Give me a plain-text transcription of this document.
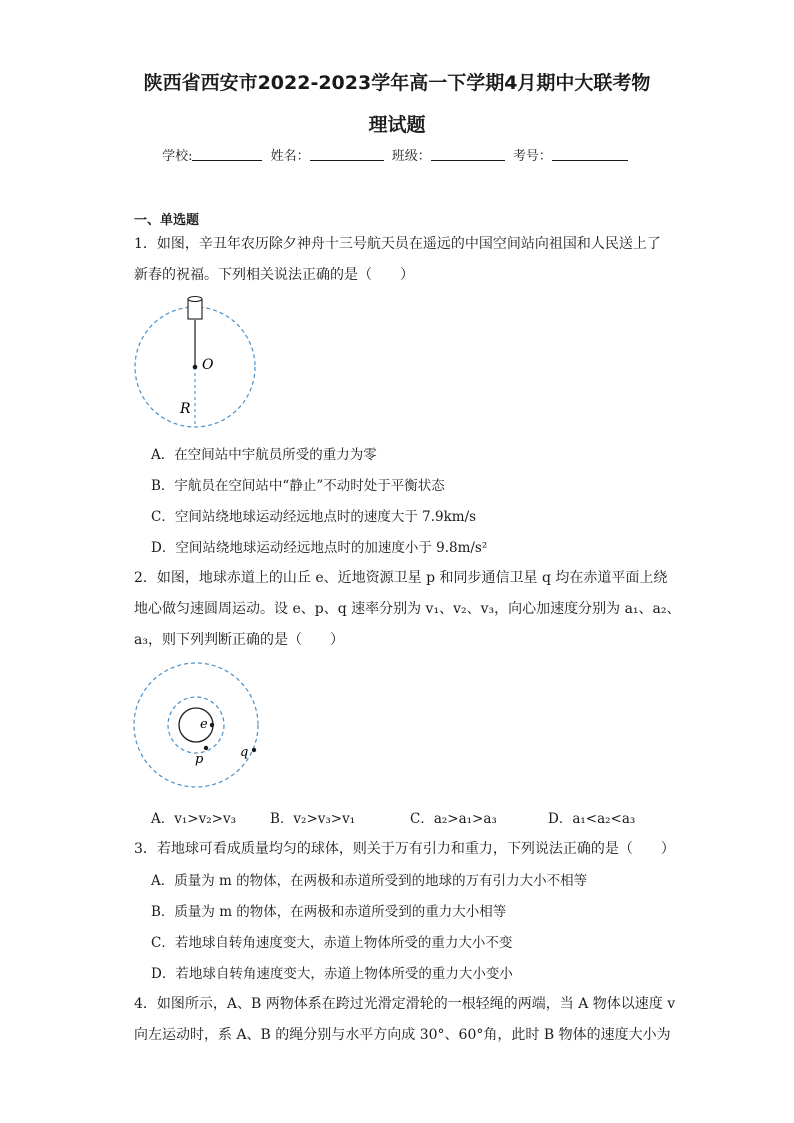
陕西省西安市2022-2023学年高一下学期4月期中大联考物
理试题
学校:	姓名：	班级：	考号：
一、单选题
1．如图，辛丑年农历除夕神舟十三号航天员在遥远的中国空间站向祖国和人民送上了
新春的祝福。下列相关说法正确的是（　　）
O
R
A．在空间站中宇航员所受的重力为零
B．宇航员在空间站中“静止”不动时处于平衡状态
C．空间站绕地球运动经远地点时的速度大于 7.9km/s
D．空间站绕地球运动经远地点时的加速度小于 9.8m/s²
2．如图，地球赤道上的山丘 e、近地资源卫星 p 和同步通信卫星 q 均在赤道平面上绕
地心做匀速圆周运动。设 e、p、q 速率分别为 v₁、v₂、v₃，向心加速度分别为 a₁、a₂、
a₃，则下列判断正确的是（　　）
e
p	q
A．v₁>v₂>v₃	B．v₂>v₃>v₁	C．a₂>a₁>a₃	D．a₁<a₂<a₃
3．若地球可看成质量均匀的球体，则关于万有引力和重力，下列说法正确的是（　　）
A．质量为 m 的物体，在两极和赤道所受到的地球的万有引力大小不相等
B．质量为 m 的物体，在两极和赤道所受到的重力大小相等
C．若地球自转角速度变大，赤道上物体所受的重力大小不变
D．若地球自转角速度变大，赤道上物体所受的重力大小变小
4．如图所示，A、B 两物体系在跨过光滑定滑轮的一根轻绳的两端，当 A 物体以速度 v
向左运动时，系 A、B 的绳分别与水平方向成 30°、60°角，此时 B 物体的速度大小为
